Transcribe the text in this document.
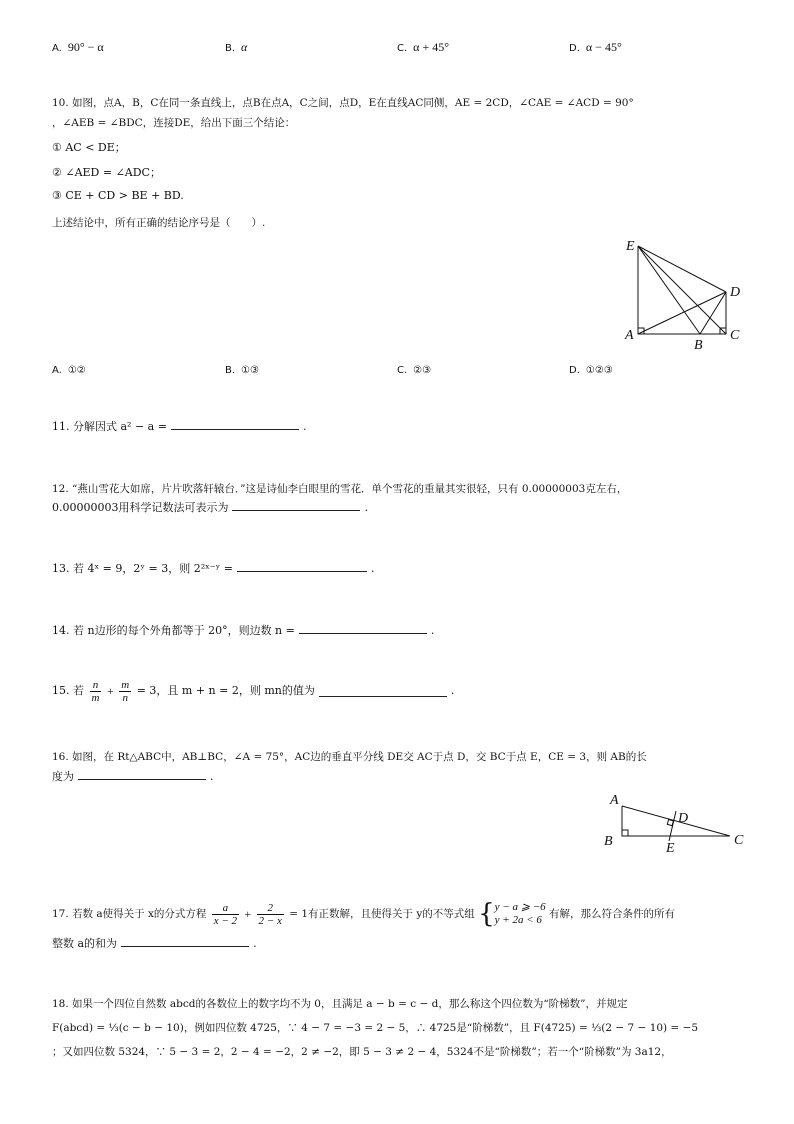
A. 90° − α	B. α	C. α + 45°	D. α − 45°
10. 如图，点A，B，C在同一条直线上，点B在点A，C之间，点D，E在直线AC同侧，AE = 2CD，∠CAE = ∠ACD = 90°
，∠AEB = ∠BDC，连接DE，给出下面三个结论：
① AC < DE；
② ∠AED = ∠ADC；
③ CE + CD > BE + BD.
上述结论中，所有正确的结论序号是（　　）.
E
D
A
B
C
A. ①②	B. ①③	C. ②③	D. ①②③
11. 分解因式 a² − a =	.
12. “燕山雪花大如席，片片吹落轩辕台．”这是诗仙李白眼里的雪花．单个雪花的重量其实很轻，只有 0.00000003克左右，
0.00000003用科学记数法可表示为	.
13. 若 4ˣ = 9，2ʸ = 3，则 2²ˣ⁻ʸ =	.
14. 若 n边形的每个外角都等于 20°，则边数 n =	.
15. 若 $\frac{n}{m} + \frac{m}{n} = 3$，且 m + n = 2，则 mn的值为	.
16. 如图，在 Rt△ABC中，AB⊥BC，∠A = 75°，AC边的垂直平分线 DE交 AC于点 D，交 BC于点 E，CE = 3，则 AB的长
度为	.
A
B	C
D
E
17. 若数 a使得关于 x的分式方程 $\frac{a}{x - 2} + \frac{2}{2 - x} = 1$有正数解，且使得关于 y的不等式组 { y − a ⩾ −6
y + 2a < 6 有解，那么符合条件的所有
整数 a的和为	.
18. 如果一个四位自然数 abcd的各数位上的数字均不为 0，且满足 a − b = c − d，那么称这个四位数为“阶梯数”，并规定
F(abcd) = ⅓(c − b − 10)，例如四位数 4725，∵ 4 − 7 = −3 = 2 − 5，∴ 4725是“阶梯数”，且 F(4725) = ⅓(2 − 7 − 10) = −5
；又如四位数 5324，∵ 5 − 3 = 2，2 − 4 = −2，2 ≠ −2，即 5 − 3 ≠ 2 − 4，5324不是“阶梯数”；若一个“阶梯数”为 3a12，
